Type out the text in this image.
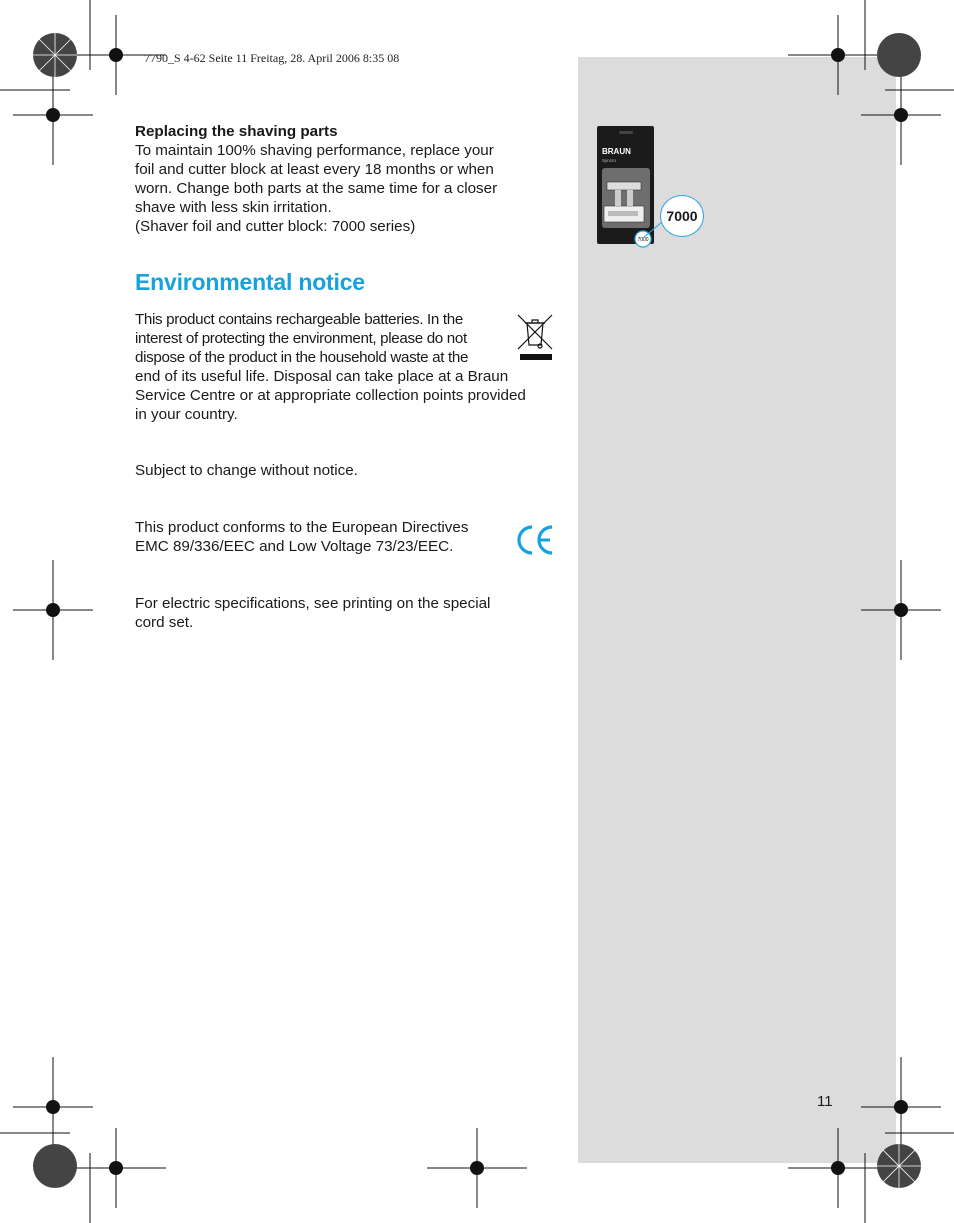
7790_S 4-62 Seite 11 Freitag, 28. April 2006 8:35 08

Replacing the shaving parts

To maintain 100% shaving performance, replace your

foil and cutter block at least every 18 months or when

worn. Change both parts at the same time for a closer

shave with less skin irritation.

(Shaver foil and cutter block: 7000 series)

Environmental notice

This product contains rechargeable batteries. In the

interest of protecting the environment, please do not

dispose of the product in the household waste at the

end of its useful life. Disposal can take place at a Braun

Service Centre or at appropriate collection points provided

in your country.

Subject to change without notice.

This product conforms to the European Directives

EMC 89/336/EEC and Low Voltage 73/23/EEC.

For electric specifications, see printing on the special

cord set.

BRAUN
Syncro
7000
7000
11
